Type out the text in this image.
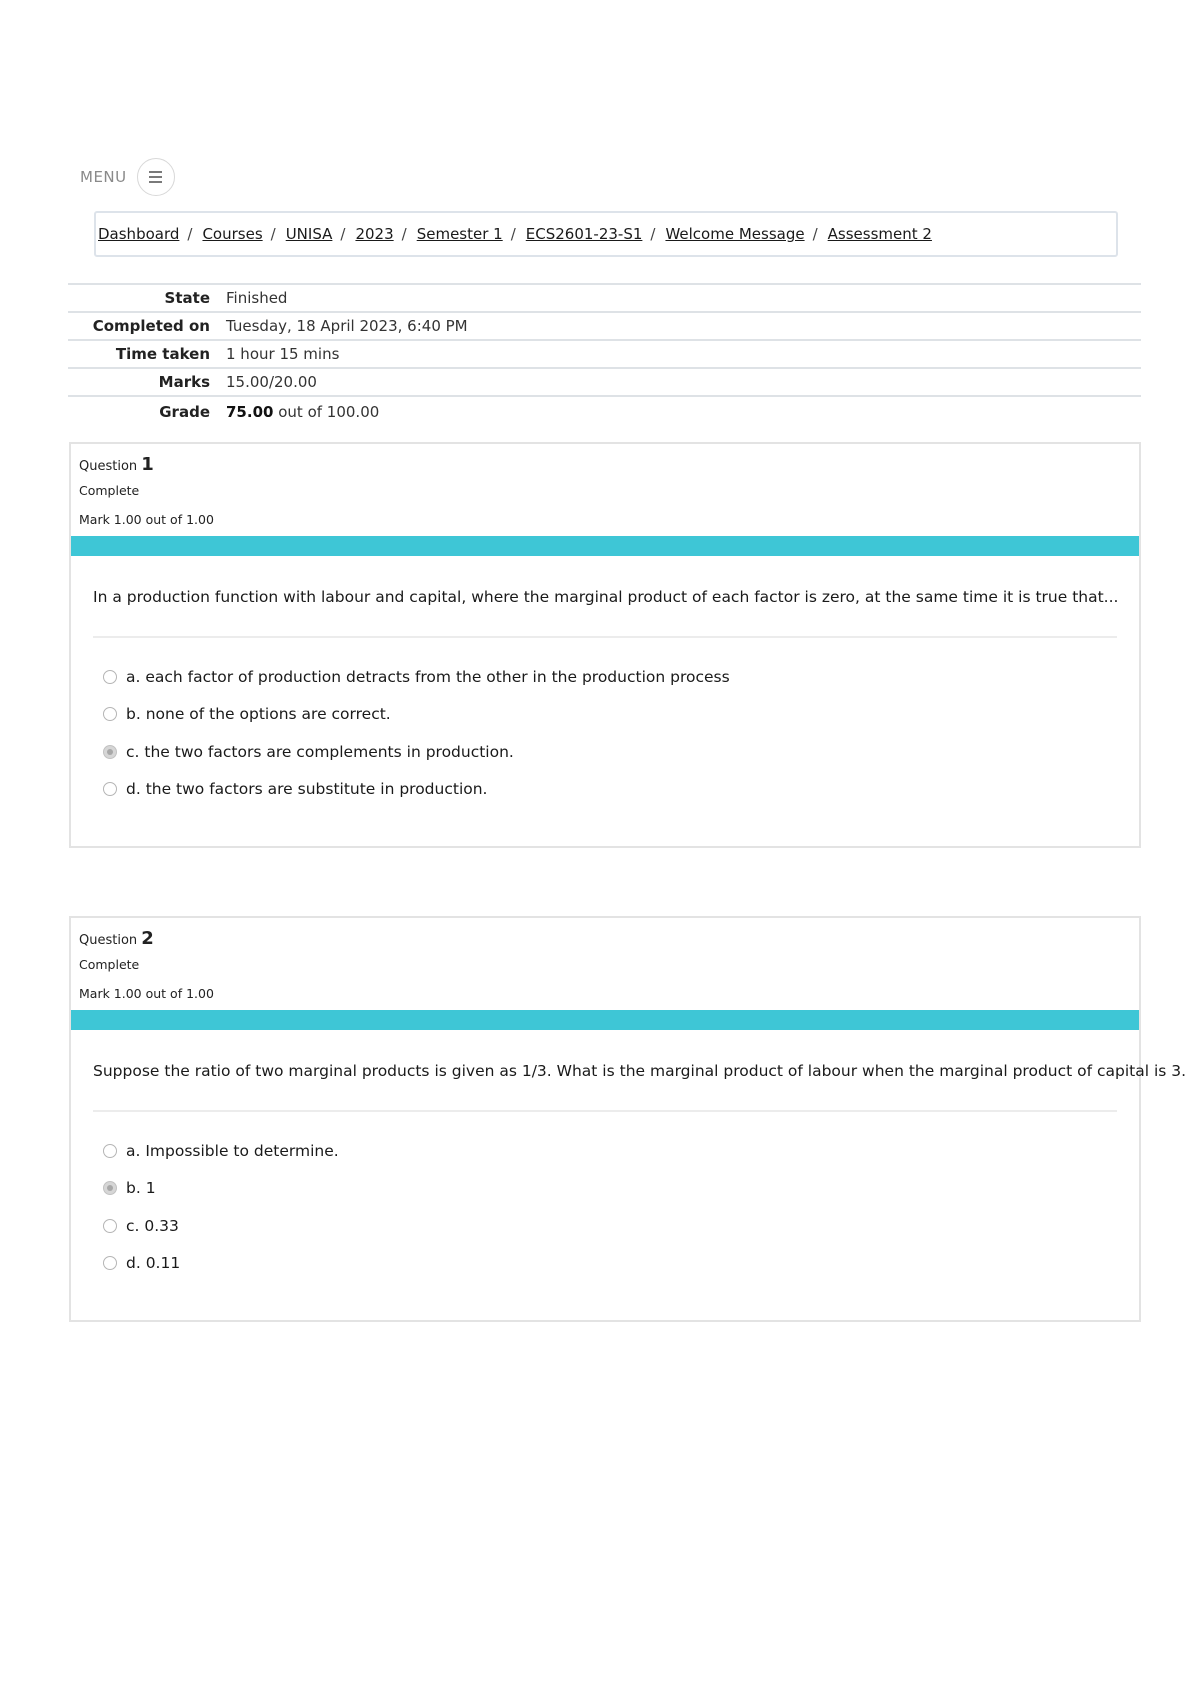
MENU
Dashboard / Courses / UNISA / 2023 / Semester 1 / ECS2601-23-S1 / Welcome Message / Assessment 2
State	Finished
Completed on	Tuesday, 18 April 2023, 6:40 PM
Time taken	1 hour 15 mins
Marks	15.00/20.00
Grade	75.00 out of 100.00
Question 1
Complete
Mark 1.00 out of 1.00
In a production function with labour and capital, where the marginal product of each factor is zero, at the same time it is true that...
a. each factor of production detracts from the other in the production process
b. none of the options are correct.
c. the two factors are complements in production.
d. the two factors are substitute in production.
Question 2
Complete
Mark 1.00 out of 1.00
Suppose the ratio of two marginal products is given as 1/3. What is the marginal product of labour when the marginal product of capital is 3.
a. Impossible to determine.
b. 1
c. 0.33
d. 0.11
